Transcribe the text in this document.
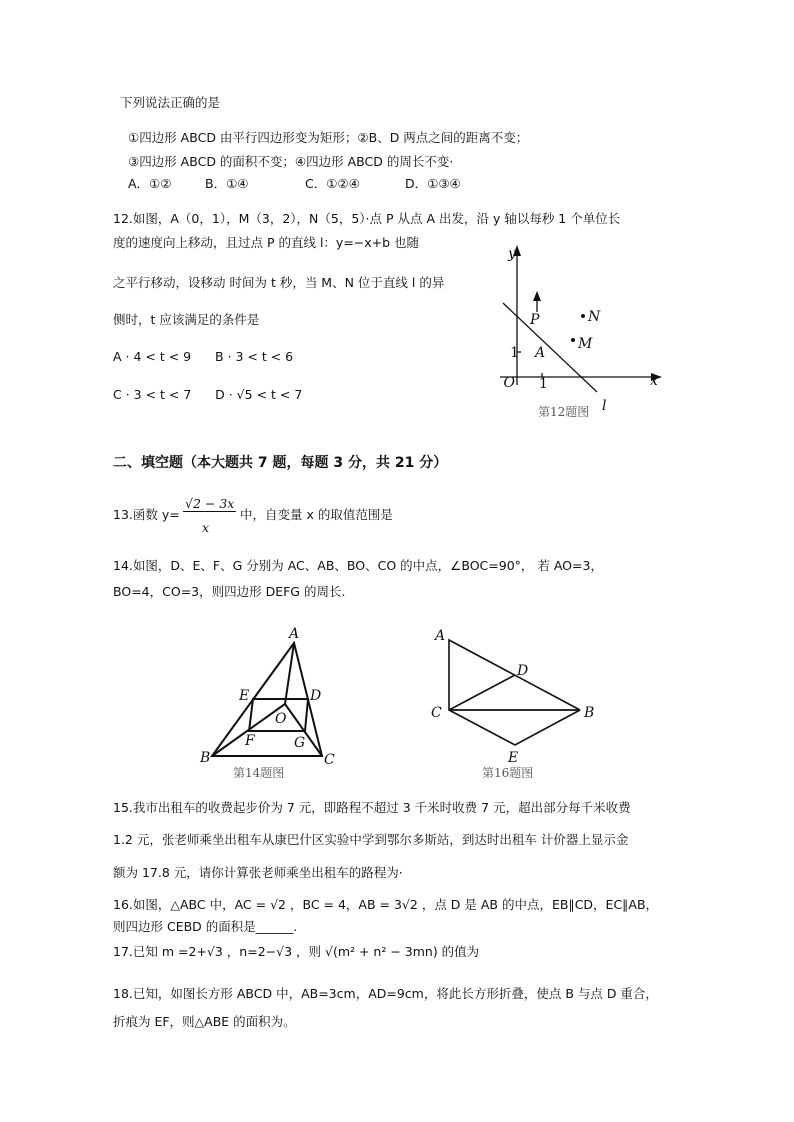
下列说法正确的是
①四边形 ABCD 由平行四边形变为矩形；②B、D 两点之间的距离不变；
③四边形 ABCD 的面积不变；④四边形 ABCD 的周长不变·
A．①②	B．①④	C．①②④	D．①③④
12.如图，A（0，1），M（3，2），N（5，5）·点 P 从点 A 出发，沿 y 轴以每秒 1 个单位长
度的速度向上移动，且过点 P 的直线 l：y=−x+b 也随
之平行移动，设移动 时间为 t 秒，当 M、N 位于直线 l 的异
侧时，t 应该满足的条件是
A · 4 < t < 9      B · 3 < t < 6
C · 3 < t < 7      D · √5 < t < 7
y
x
O
1
1
A
P	N
M
l
第12题图
二、填空题（本大题共 7 题，每题 3 分，共 21 分）
13.函数 y=
√2 − 3x
x
中，自变量 x 的取值范围是
14.如图，D、E、F、G 分别为 AC、AB、BO、CO 的中点，∠BOC=90°， 若 AO=3，
BO=4，CO=3，则四边形 DEFG 的周长.
A
E	D
O
F	G
B	C
第14题图
A
D
C	B
E
第16题图
15.我市出租车的收费起步价为 7 元，即路程不超过 3 千米时收费 7 元，超出部分每千米收费
1.2 元，张老师乘坐出租车从康巴什区实验中学到鄂尔多斯站，到达时出租车 计价器上显示金
额为 17.8 元，请你计算张老师乘坐出租车的路程为·
16.如图，△ABC 中，AC = √2 ，BC = 4，AB = 3√2 ，点 D 是 AB 的中点，EB∥CD，EC∥AB，
则四边形 CEBD 的面积是______.
17.已知 m =2+√3 ，n=2−√3 ，则 √(m² + n² − 3mn) 的值为
18.已知，如图长方形 ABCD 中，AB=3cm，AD=9cm，将此长方形折叠，使点 B 与点 D 重合，
折痕为 EF，则△ABE 的面积为。
